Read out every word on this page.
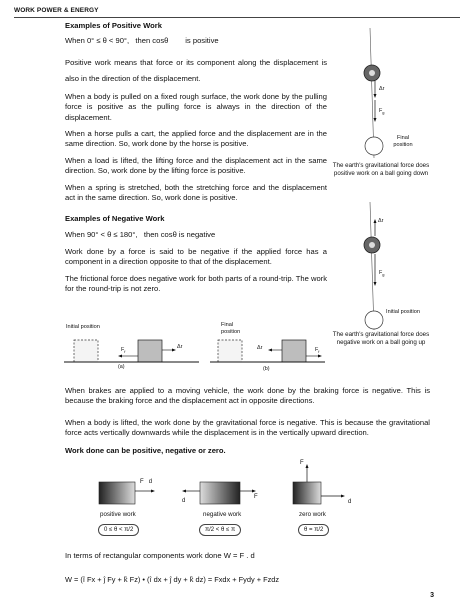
WORK POWER & ENERGY

Examples of Positive Work

When 0° ≤ θ < 90°, then cosθ is positive

Positive work means that force or its component along the displacement is also in the direction of the displacement.

When a body is pulled on a fixed rough surface, the work done by the pulling force is positive as the pulling force is always in the direction of the displacement.

When a horse pulls a cart, the applied force and the displacement are in the same direction. So, work done by the horse is positive.

When a load is lifted, the lifting force and the displacement act in the same direction. So, work done by the lifting force is positive.

When a spring is stretched, both the stretching force and the displacement act in the same direction. So, work done is positive.

Examples of Negative Work

When 90° < θ ≤ 180°, then cosθ is negative

Work done by a force is said to be negative if the applied force has a component in a direction opposite to that of the displacement.

The frictional force does negative work for both parts of a round-trip. The work for the round-trip is not zero.

Δr
$F_g$
Final position
The earth's gravitational force does positive work on a ball going down
Δr
$F_g$
Initial position
The earth's gravitational force does negative work on a ball going up
Initial position
$F_f$
Δr
(a)
Final position
Δr	$F_f$
(b)
When brakes are applied to a moving vehicle, the work done by the braking force is negative. This is because the braking force and the displacement act in opposite directions.
When a body is lifted, the work done by the gravitational force is negative. This is because the gravitational force acts vertically downwards while the displacement is in the vertically upward direction.
Work done can be positive, negative or zero.
F d
positive work
0 ≤ θ < π/2
d
F
negative work
π/2 < θ ≤ π
F
d
zero work
θ = π/2
In terms of rectangular components work done W = F . d
W = (î Fx + ĵ Fy + k̂ Fz) • (î dx + ĵ dy + k̂ dz) = Fxdx + Fydy + Fzdz
3
